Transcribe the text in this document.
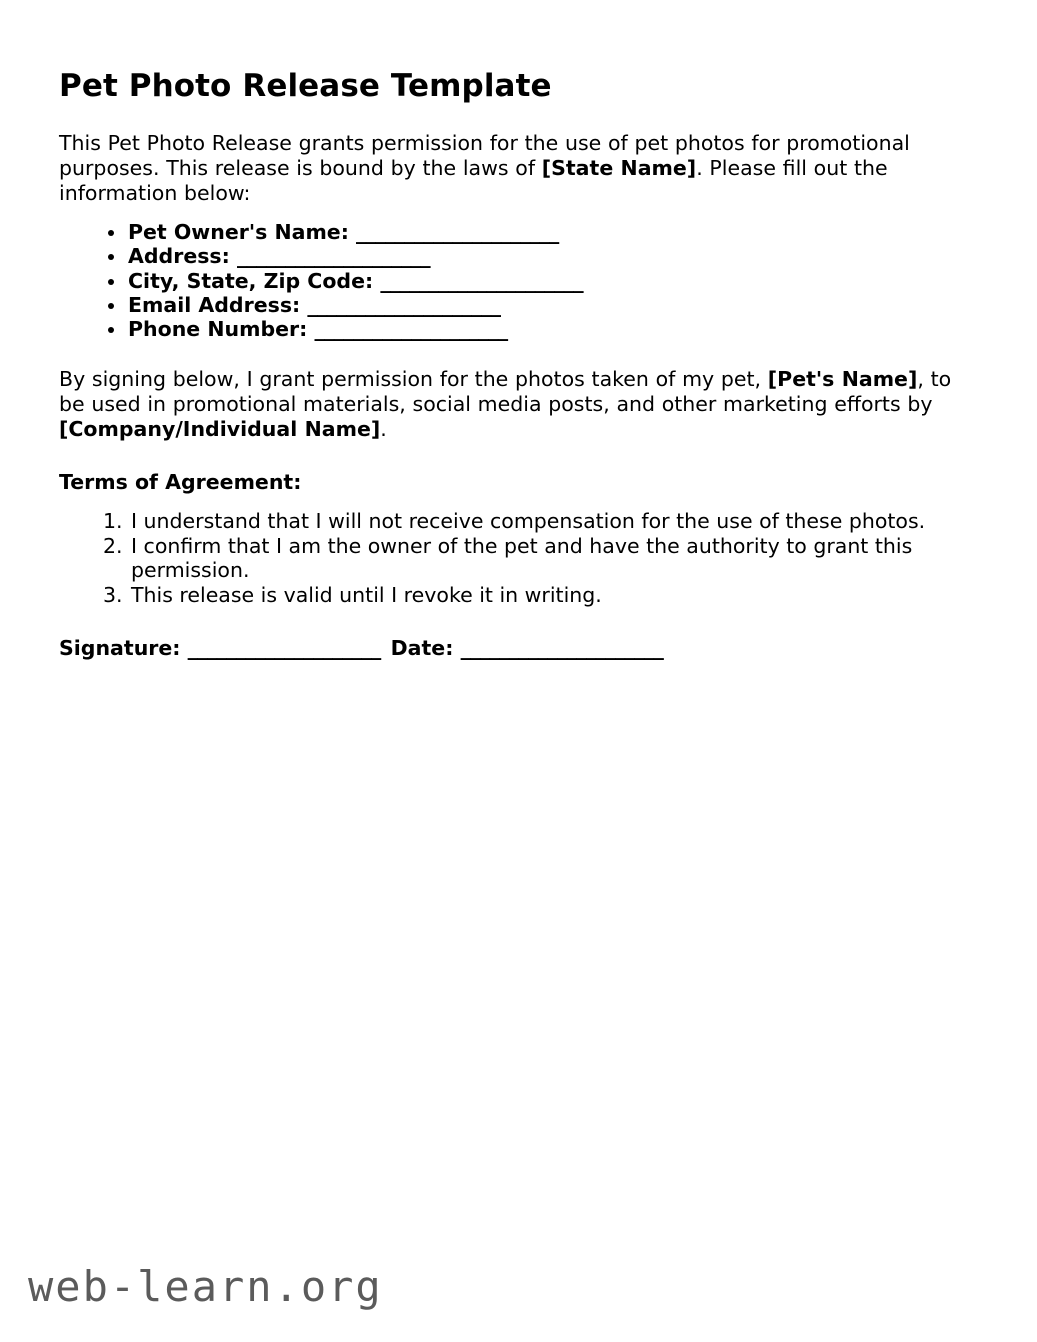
Pet Photo Release Template

This Pet Photo Release grants permission for the use of pet photos for promotional purposes. This release is bound by the laws of [State Name]. Please fill out the information below:

Pet Owner's Name: _____________________
Address: ____________________
City, State, Zip Code: _____________________
Email Address: ____________________
Phone Number: ____________________

By signing below, I grant permission for the photos taken of my pet, [Pet's Name], to be used in promotional materials, social media posts, and other marketing efforts by [Company/Individual Name].

Terms of Agreement:

I understand that I will not receive compensation for the use of these photos.
I confirm that I am the owner of the pet and have the authority to grant this permission.
This release is valid until I revoke it in writing.
Signature: ____________________ Date: _____________________
web-learn.org
